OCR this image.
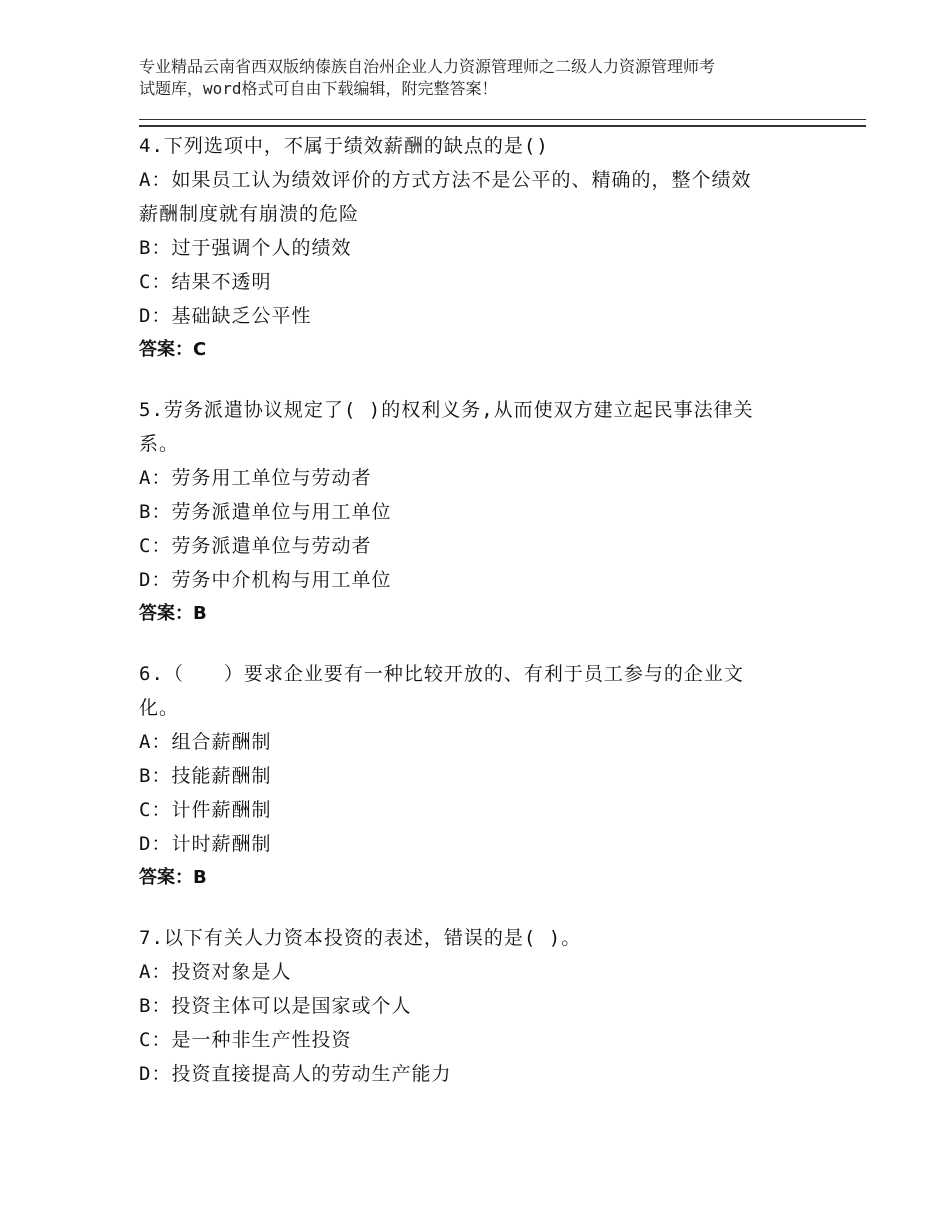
专业精品云南省西双版纳傣族自治州企业人力资源管理师之二级人力资源管理师考
试题库，word格式可自由下载编辑，附完整答案！
4.下列选项中，不属于绩效薪酬的缺点的是()
A：如果员工认为绩效评价的方式方法不是公平的、精确的，整个绩效
薪酬制度就有崩溃的危险
B：过于强调个人的绩效
C：结果不透明
D：基础缺乏公平性
答案：C
5.劳务派遣协议规定了( )的权利义务,从而使双方建立起民事法律关
系。
A：劳务用工单位与劳动者
B：劳务派遣单位与用工单位
C：劳务派遣单位与劳动者
D：劳务中介机构与用工单位
答案：B
6.（　　）要求企业要有一种比较开放的、有利于员工参与的企业文
化。
A：组合薪酬制
B：技能薪酬制
C：计件薪酬制
D：计时薪酬制
答案：B
7.以下有关人力资本投资的表述，错误的是( )。
A：投资对象是人
B：投资主体可以是国家或个人
C：是一种非生产性投资
D：投资直接提高人的劳动生产能力
